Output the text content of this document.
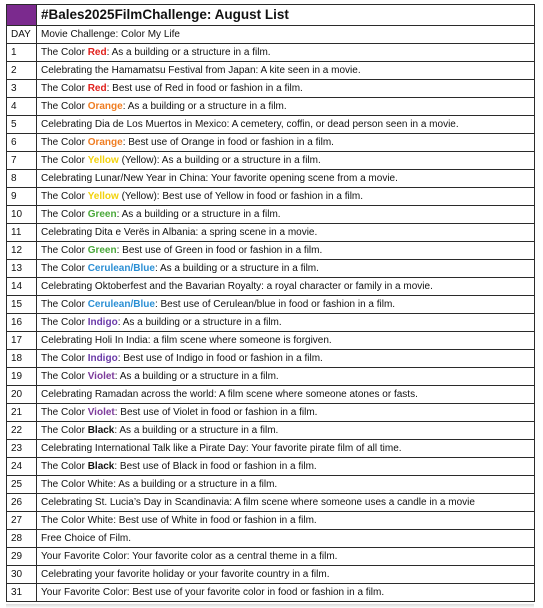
	#Bales2025FilmChallenge: August List
DAY	Movie Challenge: Color My Life
1	The Color Red: As a building or a structure in a film.
2	Celebrating the Hamamatsu Festival from Japan: A kite seen in a movie.
3	The Color Red: Best use of Red in food or fashion in a film.
4	The Color Orange: As a building or a structure in a film.
5	Celebrating Dia de Los Muertos in Mexico: A cemetery, coffin, or dead person seen in a movie.
6	The Color Orange: Best use of Orange in food or fashion in a film.
7	The Color Yellow (Yellow): As a building or a structure in a film.
8	Celebrating Lunar/New Year in China: Your favorite opening scene from a movie.
9	The Color Yellow (Yellow): Best use of Yellow in food or fashion in a film.
10	The Color Green: As a building or a structure in a film.
11	Celebrating Dita e Verës in Albania: a spring scene in a movie.
12	The Color Green: Best use of Green in food or fashion in a film.
13	The Color Cerulean/Blue: As a building or a structure in a film.
14	Celebrating Oktoberfest and the Bavarian Royalty: a royal character or family in a movie.
15	The Color Cerulean/Blue: Best use of Cerulean/blue in food or fashion in a film.
16	The Color Indigo: As a building or a structure in a film.
17	Celebrating Holi In India: a film scene where someone is forgiven.
18	The Color Indigo: Best use of Indigo in food or fashion in a film.
19	The Color Violet: As a building or a structure in a film.
20	Celebrating Ramadan across the world: A film scene where someone atones or fasts.
21	The Color Violet: Best use of Violet in food or fashion in a film.
22	The Color Black: As a building or a structure in a film.
23	Celebrating International Talk like a Pirate Day: Your favorite pirate film of all time.
24	The Color Black: Best use of Black in food or fashion in a film.
25	The Color White: As a building or a structure in a film.
26	Celebrating St. Lucia’s Day in Scandinavia: A film scene where someone uses a candle in a movie
27	The Color White: Best use of White in food or fashion in a film.
28	Free Choice of Film.
29	Your Favorite Color: Your favorite color as a central theme in a film.
30	Celebrating your favorite holiday or your favorite country in a film.
31	Your Favorite Color: Best use of your favorite color in food or fashion in a film.
